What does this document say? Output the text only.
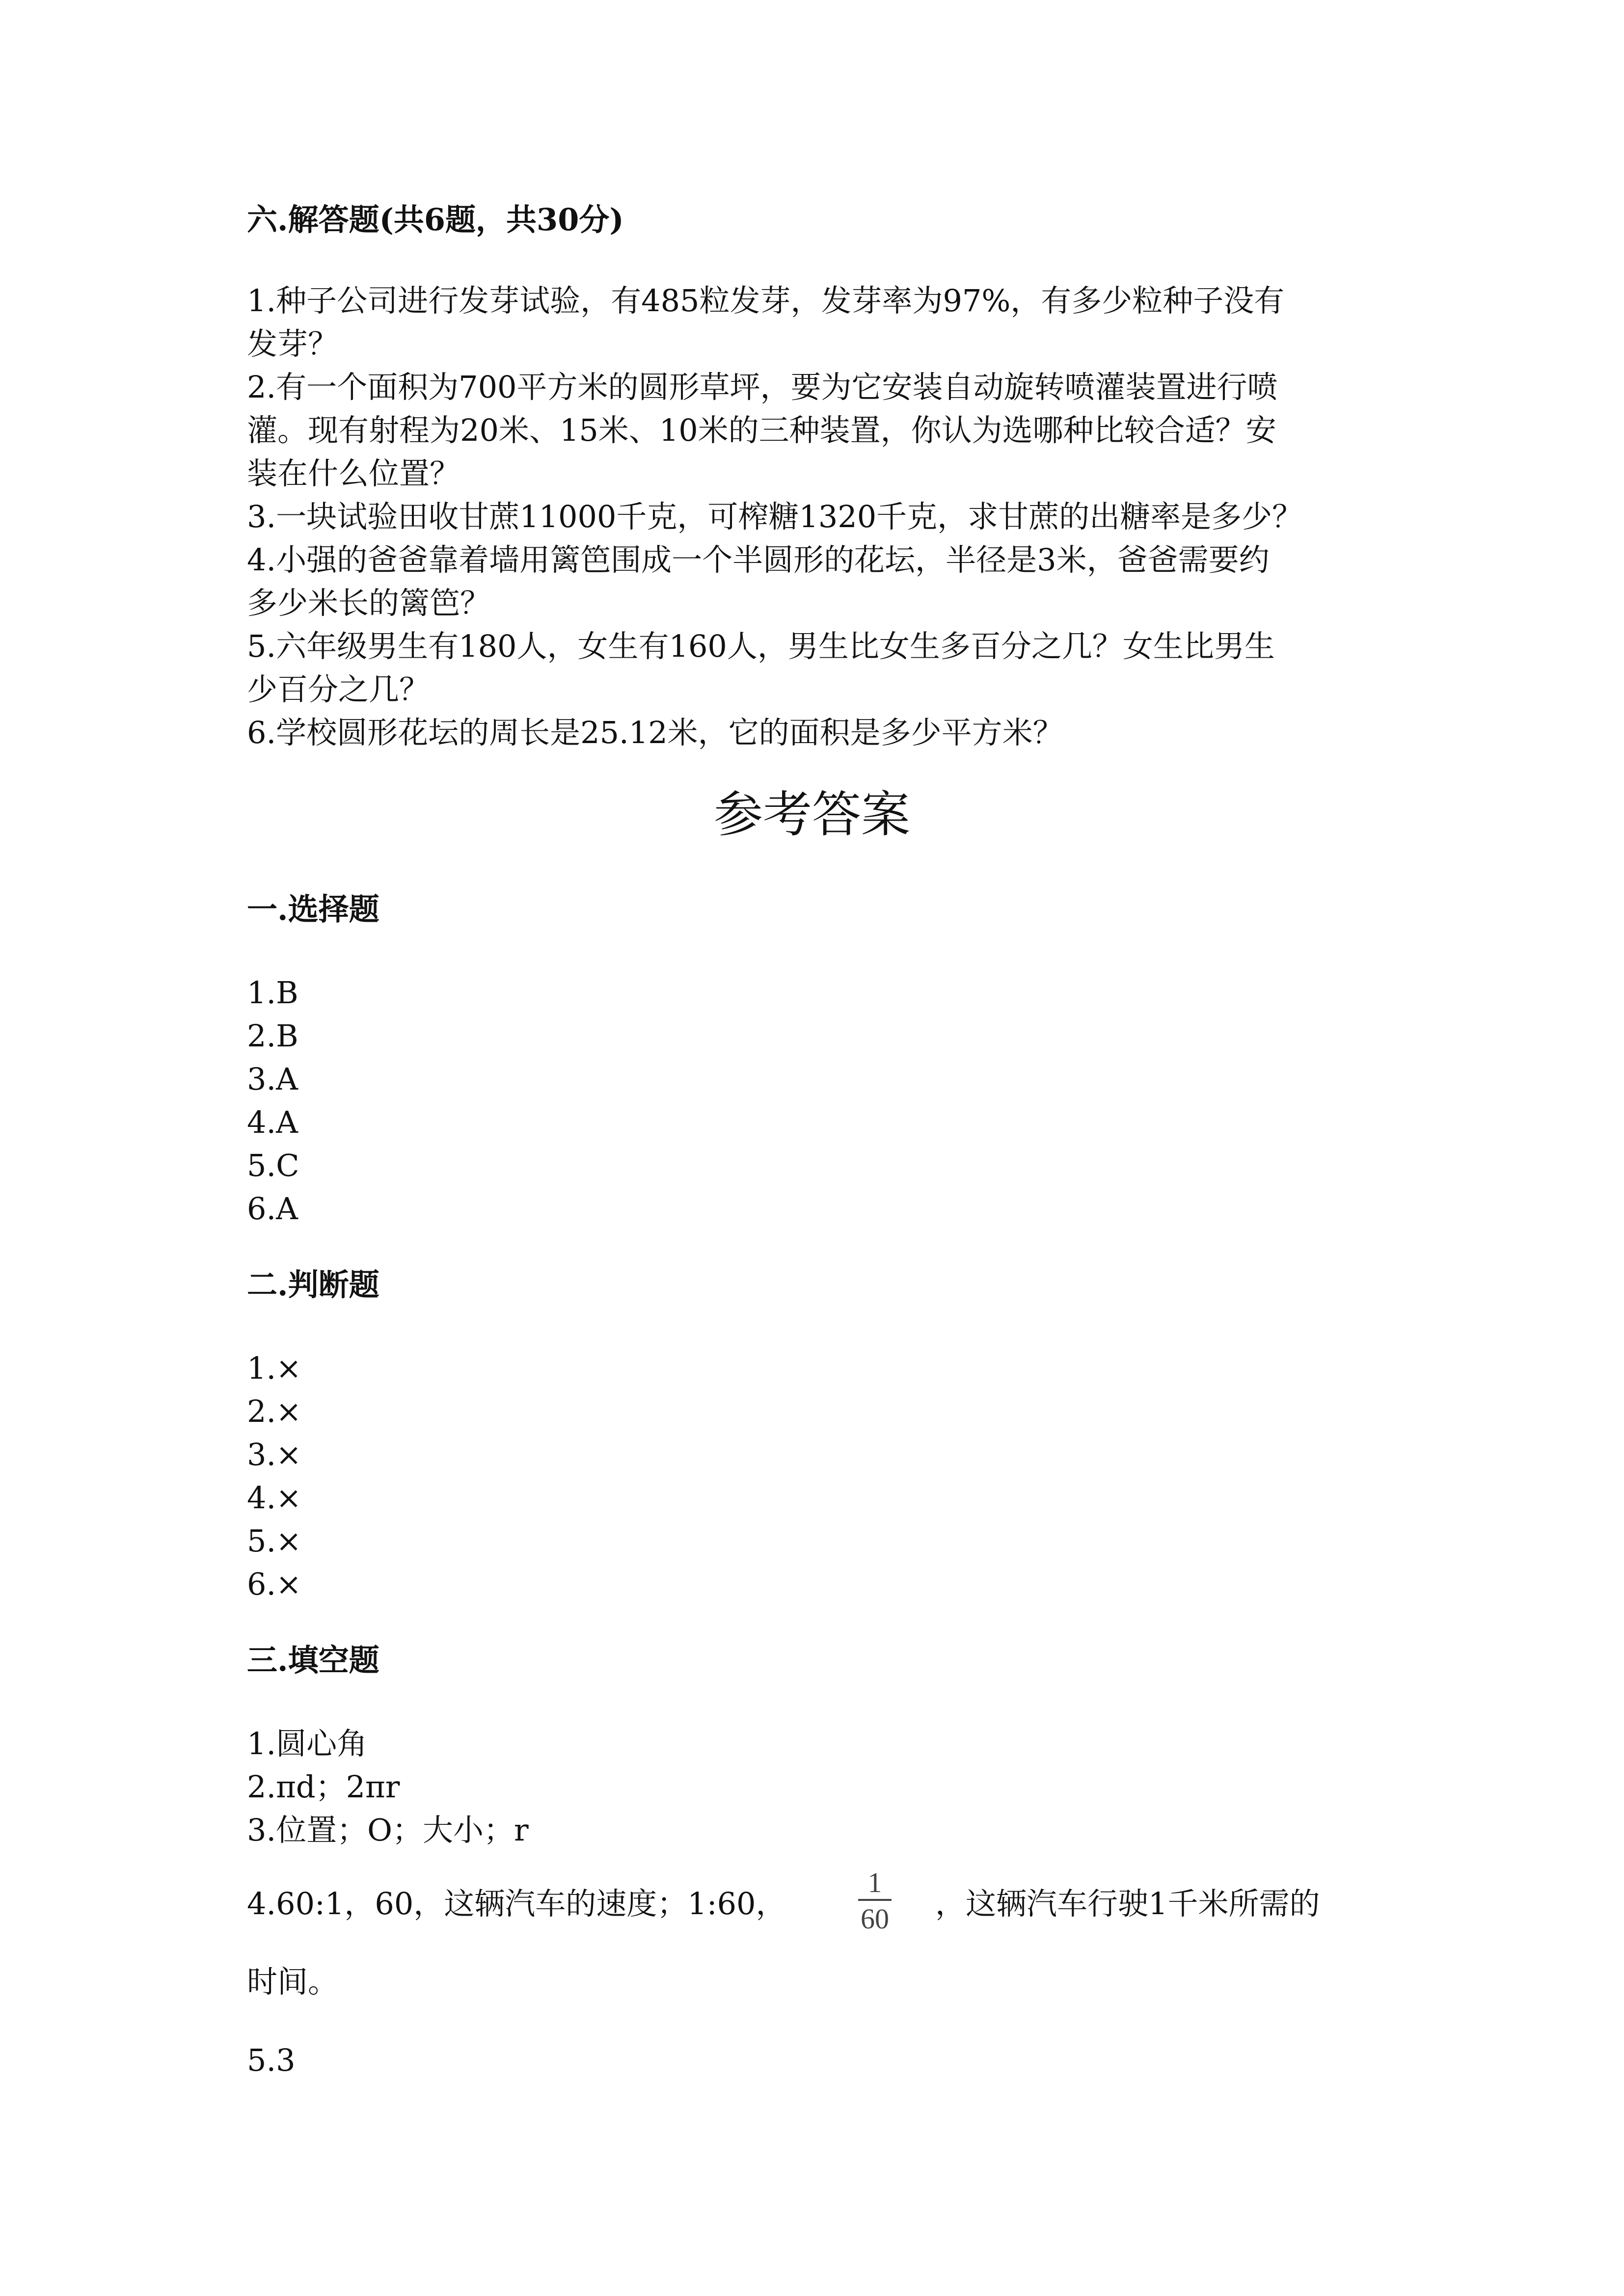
六.解答题(共6题，共30分)

1.种子公司进行发芽试验，有485粒发芽，发芽率为97%，有多少粒种子没有

发芽？

2.有一个面积为700平方米的圆形草坪，要为它安装自动旋转喷灌装置进行喷

灌。现有射程为20米、15米、10米的三种装置，你认为选哪种比较合适？安

装在什么位置？

3.一块试验田收甘蔗11000千克，可榨糖1320千克，求甘蔗的出糖率是多少？

4.小强的爸爸靠着墙用篱笆围成一个半圆形的花坛，半径是3米，爸爸需要约

多少米长的篱笆？

5.六年级男生有180人，女生有160人，男生比女生多百分之几？女生比男生

少百分之几？

6.学校圆形花坛的周长是25.12米，它的面积是多少平方米？

参考答案

一.选择题

1.B

2.B

3.A

4.A

5.C

6.A

二.判断题

1.×

2.×

3.×

4.×

5.×

6.×

三.填空题

1.圆心角

2.πd；2πr

3.位置；O；大小；r

4.60:1，60，这辆汽车的速度；1:60，

1
60 ，这辆汽车行驶1千米所需的

时间。

5.3
